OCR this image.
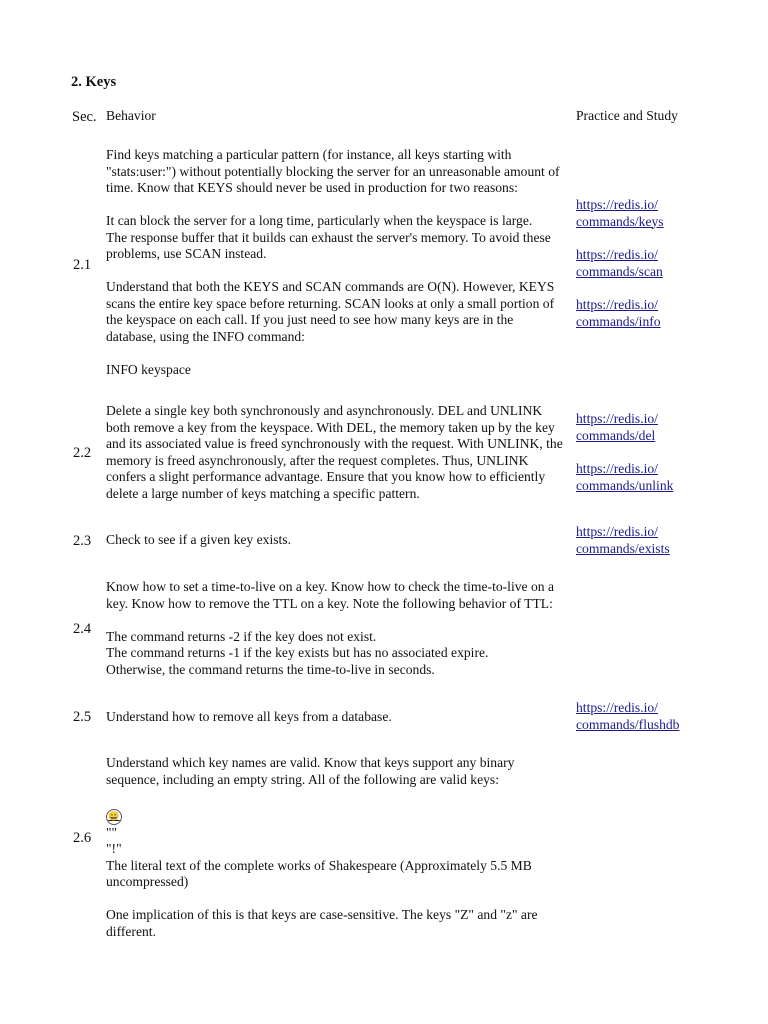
2. Keys
Sec. Behavior	Practice and Study
2.1

Find keys matching a particular pattern (for instance, all keys starting with
"stats:user:") without potentially blocking the server for an unreasonable amount of
time. Know that KEYS should never be used in production for two reasons:

It can block the server for a long time, particularly when the keyspace is large.
The response buffer that it builds can exhaust the server's memory. To avoid these
problems, use SCAN instead.

Understand that both the KEYS and SCAN commands are O(N). However, KEYS
scans the entire key space before returning. SCAN looks at only a small portion of
the keyspace on each call. If you just need to see how many keys are in the
database, using the INFO command:

INFO keyspace

https://redis.io/
commands/keys
https://redis.io/
commands/scan
https://redis.io/
commands/info
2.2

Delete a single key both synchronously and asynchronously. DEL and UNLINK
both remove a key from the keyspace. With DEL, the memory taken up by the key
and its associated value is freed synchronously with the request. With UNLINK, the
memory is freed asynchronously, after the request completes. Thus, UNLINK
confers a slight performance advantage. Ensure that you know how to efficiently
delete a large number of keys matching a specific pattern.

https://redis.io/
commands/del
https://redis.io/
commands/unlink
2.3 Check to see if a given key exists.

https://redis.io/
commands/exists
2.4

Know how to set a time-to-live on a key. Know how to check the time-to-live on a
key. Know how to remove the TTL on a key. Note the following behavior of TTL:

The command returns -2 if the key does not exist.
The command returns -1 if the key exists but has no associated expire.
Otherwise, the command returns the time-to-live in seconds.

2.5 Understand how to remove all keys from a database.

https://redis.io/
commands/flushdb
2.6

Understand which key names are valid. Know that keys support any binary
sequence, including an empty string. All of the following are valid keys:

😀
""
"!"
The literal text of the complete works of Shakespeare (Approximately 5.5 MB
uncompressed)

One implication of this is that keys are case-sensitive. The keys "Z" and "z" are
different.
